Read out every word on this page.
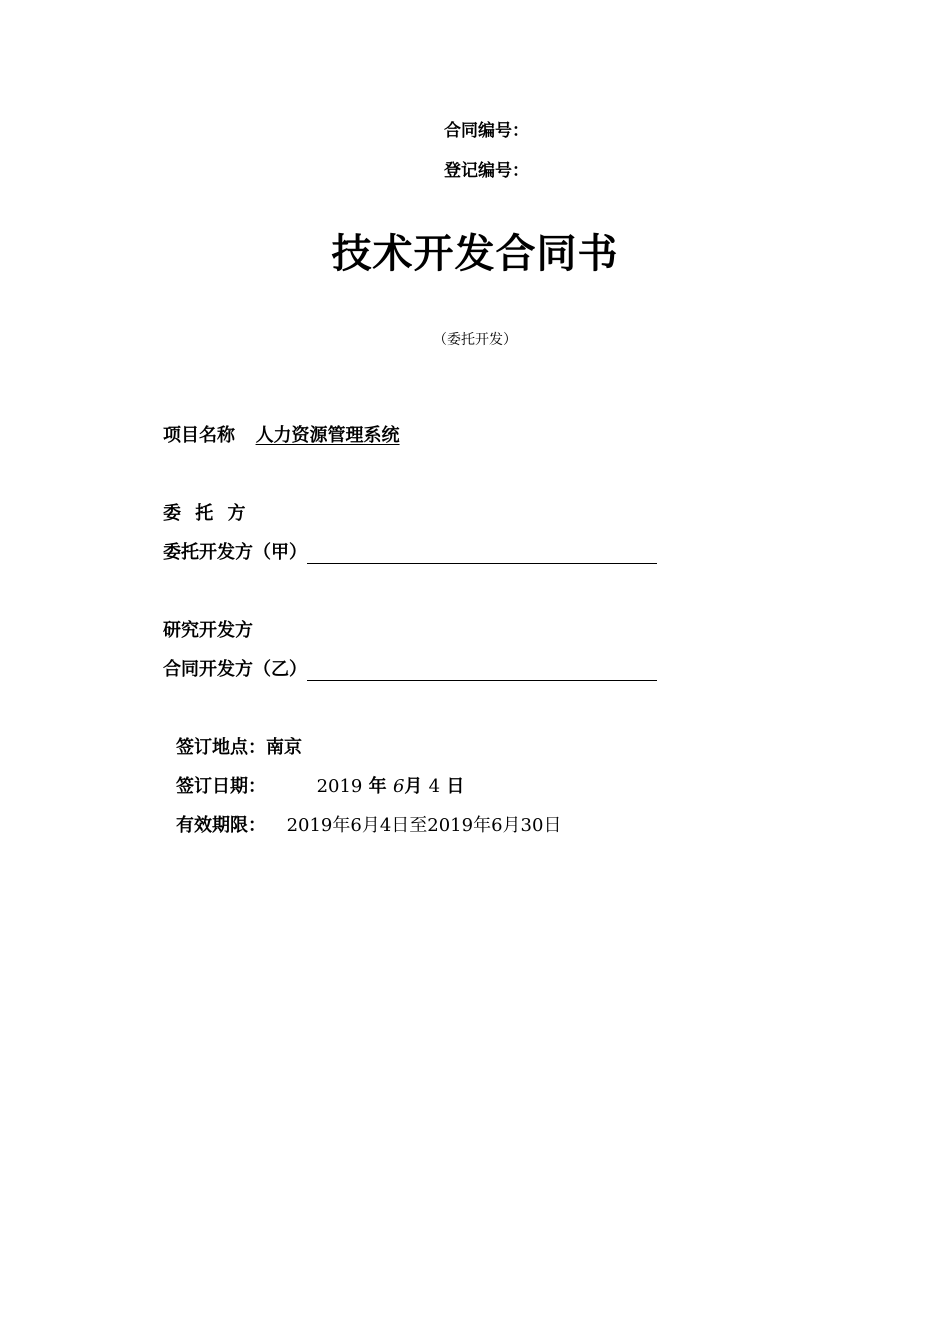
合同编号：
登记编号：
技术开发合同书
（委托开发）
项目名称 人力资源管理系统
委 托 方
委托开发方（甲）
研究开发方
合同开发方（乙）
签订地点：南京
签订日期：	2019 年 6月 4 日
有效期限： 2019年6月4日至2019年6月30日
